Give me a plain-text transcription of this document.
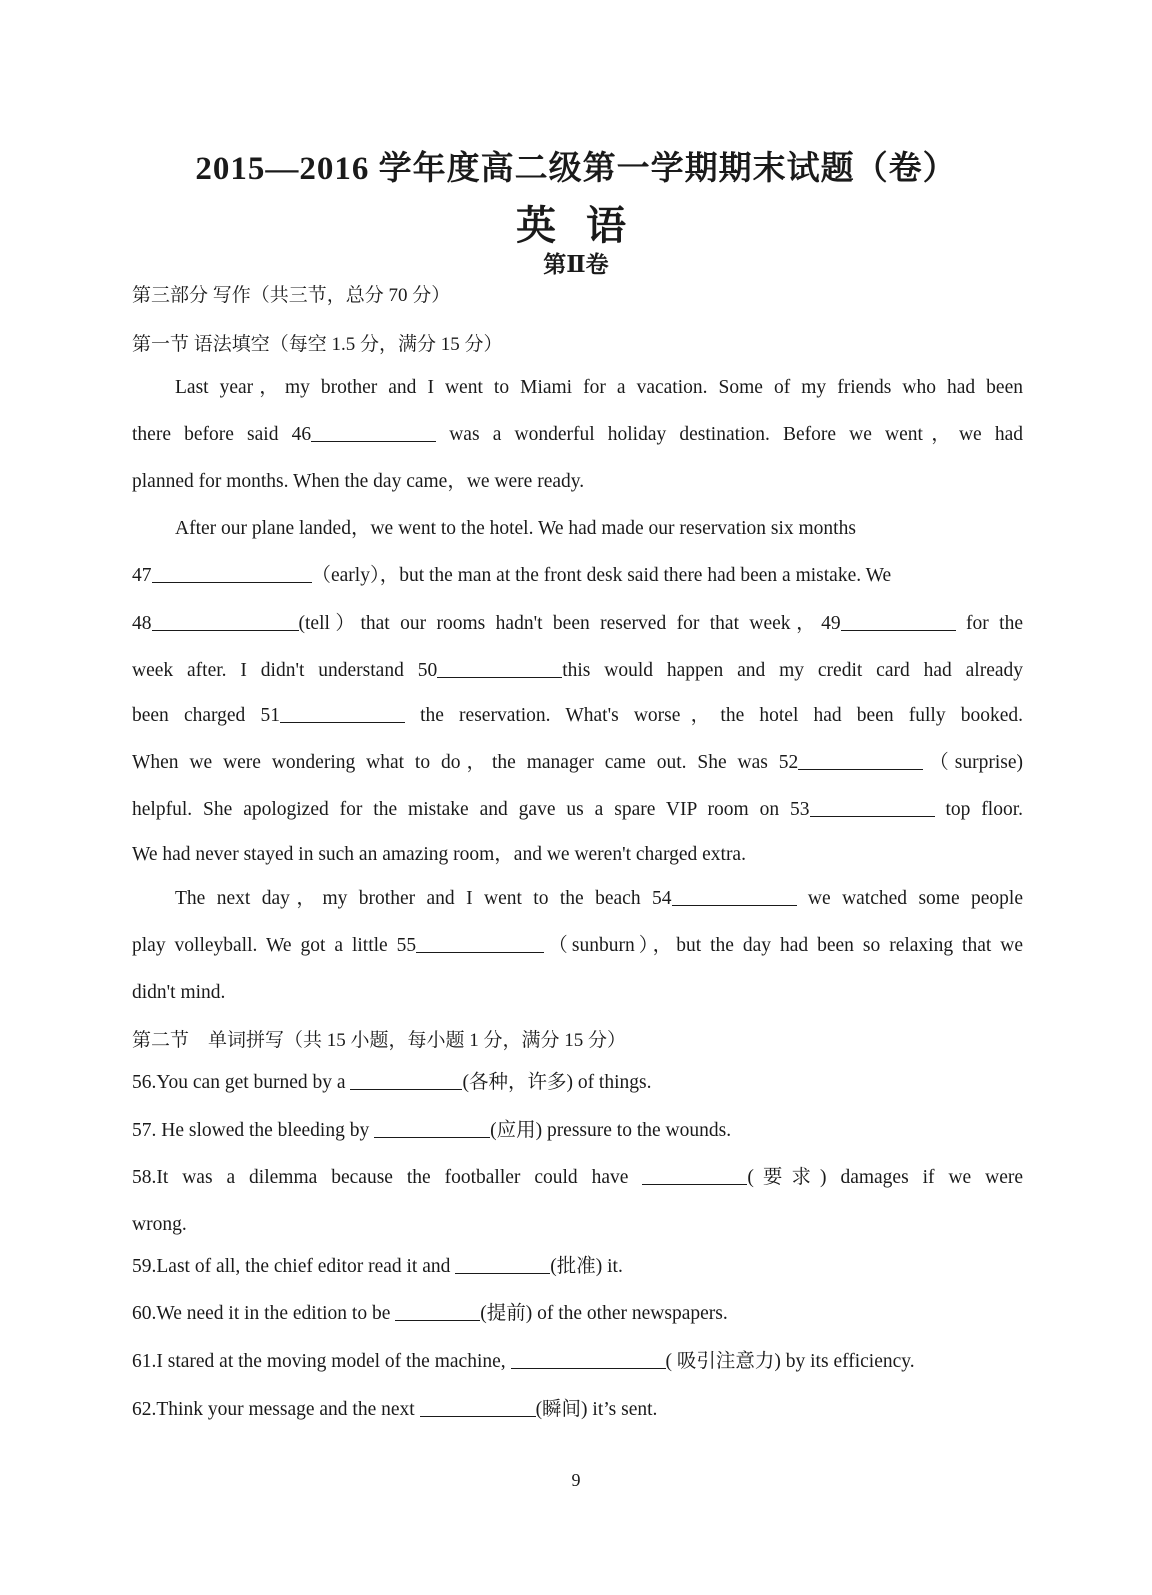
2015—2016 学年度高二级第一学期期末试题（卷）
英 语
第Ⅱ卷
第三部分 写作（共三节，总分 70 分）
第一节 语法填空（每空 1.5 分，满分 15 分）
Last year，my brother and I went to Miami for a vacation. Some of my friends who had been
there before said 46	was a wonderful holiday destination. Before we went，we had
planned for months. When the day came，we were ready.
After our plane landed，we went to the hotel. We had made our reservation six months
47	（early），but the man at the front desk said there had been a mistake. We
48	(tell）that our rooms hadn't been reserved for that week，49	for the
week after. I didn't understand 50	this would happen and my credit card had already
been charged 51	the reservation. What's worse，the hotel had been fully booked.
When we were wondering what to do，the manager came out. She was 52	（surprise)
helpful. She apologized for the mistake and gave us a spare VIP room on 53	top floor.
We had never stayed in such an amazing room，and we weren't charged extra.
The next day，my brother and I went to the beach 54	we watched some people
play volleyball. We got a little 55	（sunburn），but the day had been so relaxing that we
didn't mind.
第二节　单词拼写（共 15 小题，每小题 1 分，满分 15 分）
56.You can get burned by a	(各种，许多) of things.
57. He slowed the bleeding by	(应用) pressure to the wounds.
58.It was a dilemma because the footballer could have	(要求) damages if we were
wrong.
59.Last of all, the chief editor read it and	(批准) it.
60.We need it in the edition to be	(提前) of the other newspapers.
61.I stared at the moving model of the machine,	( 吸引注意力) by its efficiency.
62.Think your message and the next	(瞬间) it’s sent.
9
